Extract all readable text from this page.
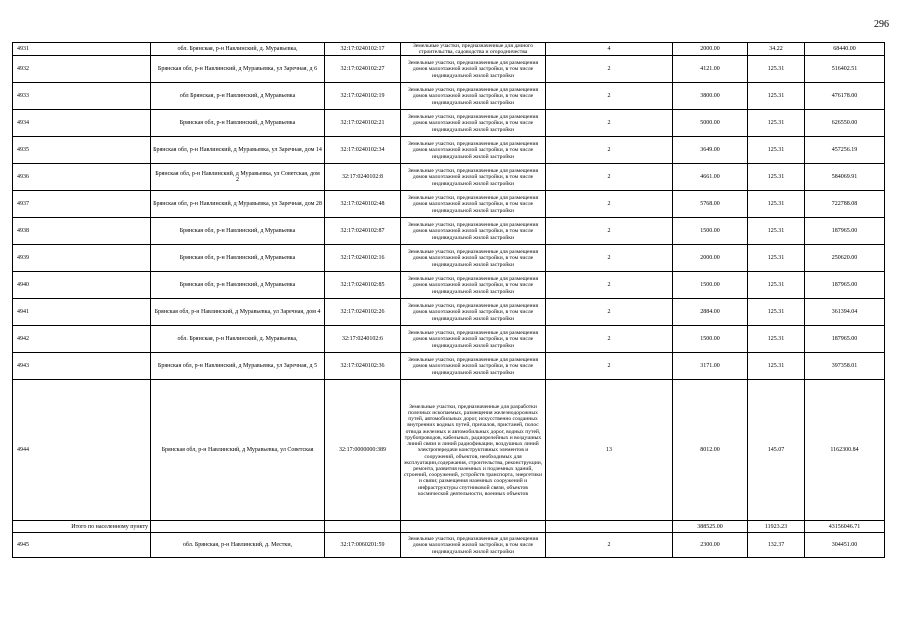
296
4931	обл. Брянская, р-н Навлинский, д. Муравьевка,	32:17:0240102:17	Земельные участки, предназначенные для дачного строительства, садоводства и огородничества	4	2000.00	34.22	68440.00
4932	Брянская обл, р-н Навлинский, д Муравьевка, ул Заречная, д 6	32:17:0240102:27	Земельные участки, предназначенные для размещения домов малоэтажной жилой застройки, в том числе индивидуальной жилой застройки	2	4121.00	125.31	516402.51
4933	обл Брянская, р-н Навлинский, д Муравьевка	32:17:0240102:19	Земельные участки, предназначенные для размещения домов малоэтажной жилой застройки, в том числе индивидуальной жилой застройки	2	3800.00	125.31	476178.00
4934	Брянская обл, р-н Навлинский, д Муравьевка	32:17:0240102:21	Земельные участки, предназначенные для размещения домов малоэтажной жилой застройки, в том числе индивидуальной жилой застройки	2	5000.00	125.31	626550.00
4935	Брянская обл, р-н Навлинский, д Муравьевка, ул Заречная, дом 14	32:17:0240102:34	Земельные участки, предназначенные для размещения домов малоэтажной жилой застройки, в том числе индивидуальной жилой застройки	2	3649.00	125.31	457256.19
4936	Брянская обл, р-н Навлинский, д Муравьевка, ул Советская, дом 2	32:17:0240102:8	Земельные участки, предназначенные для размещения домов малоэтажной жилой застройки, в том числе индивидуальной жилой застройки	2	4661.00	125.31	584069.91
4937	Брянская обл, р-н Навлинский, д Муравьевка, ул Заречная, дом 28	32:17:0240102:48	Земельные участки, предназначенные для размещения домов малоэтажной жилой застройки, в том числе индивидуальной жилой застройки	2	5768.00	125.31	722788.08
4938	Брянская обл, р-н Навлинский, д Муравьевка	32:17:0240102:87	Земельные участки, предназначенные для размещения домов малоэтажной жилой застройки, в том числе индивидуальной жилой застройки	2	1500.00	125.31	187965.00
4939	Брянская обл, р-н Навлинский, д Муравьевка	32:17:0240102:16	Земельные участки, предназначенные для размещения домов малоэтажной жилой застройки, в том числе индивидуальной жилой застройки	2	2000.00	125.31	250620.00
4940	Брянская обл, р-н Навлинский, д Муравьевка	32:17:0240102:85	Земельные участки, предназначенные для размещения домов малоэтажной жилой застройки, в том числе индивидуальной жилой застройки	2	1500.00	125.31	187965.00
4941	Брянская обл, р-н Навлинский, д Муравьевка, ул Заречная, дом 4	32:17:0240102:26	Земельные участки, предназначенные для размещения домов малоэтажной жилой застройки, в том числе индивидуальной жилой застройки	2	2884.00	125.31	361394.04
4942	обл. Брянская, р-н Навлинский, д. Муравьевка,	32:17:0240102:6	Земельные участки, предназначенные для размещения домов малоэтажной жилой застройки, в том числе индивидуальной жилой застройки	2	1500.00	125.31	187965.00
4943	Брянская обл, р-н Навлинский, д Муравьевка, ул Заречная, д 5	32:17:0240102:36	Земельные участки, предназначенные для размещения домов малоэтажной жилой застройки, в том числе индивидуальной жилой застройки	2	3171.00	125.31	397358.01
4944	Брянская обл, р-н Навлинский, д Муравьевка, ул Советская	32:17:0000000:389	Земельные участки, предназначенные для разработки полезных ископаемых, размещения железнодорожных путей, автомобильных дорог, искусственно созданных внутренних водных путей, причалов, пристаней, полос отвода железных и автомобильных дорог, водных путей, трубопроводов, кабельных, радиорелейных и воздушных линий связи и линий радиофикации, воздушных линий электропередачи конструктивных элементов и сооружений, объектов, необходимых для эксплуатации,содержания, строительства, реконструкции, ремонта, развития наземных и подземных зданий, строений, сооружений, устройств транспорта, энергетики и связи; размещения наземных сооружений и инфраструктуры спутниковой связи, объектов космической деятельности, военных объектов	13	8012.00	145.07	1162300.84
Итого по населенному пункту					388525.00	11923.23	43156046.71

4945	обл. Брянская, р-н Навлинский, д. Местки,	32:17:0060201:59	Земельные участки, предназначенные для размещения домов малоэтажной жилой застройки, в том числе индивидуальной жилой застройки	2	2300.00	132.37	304451.00
